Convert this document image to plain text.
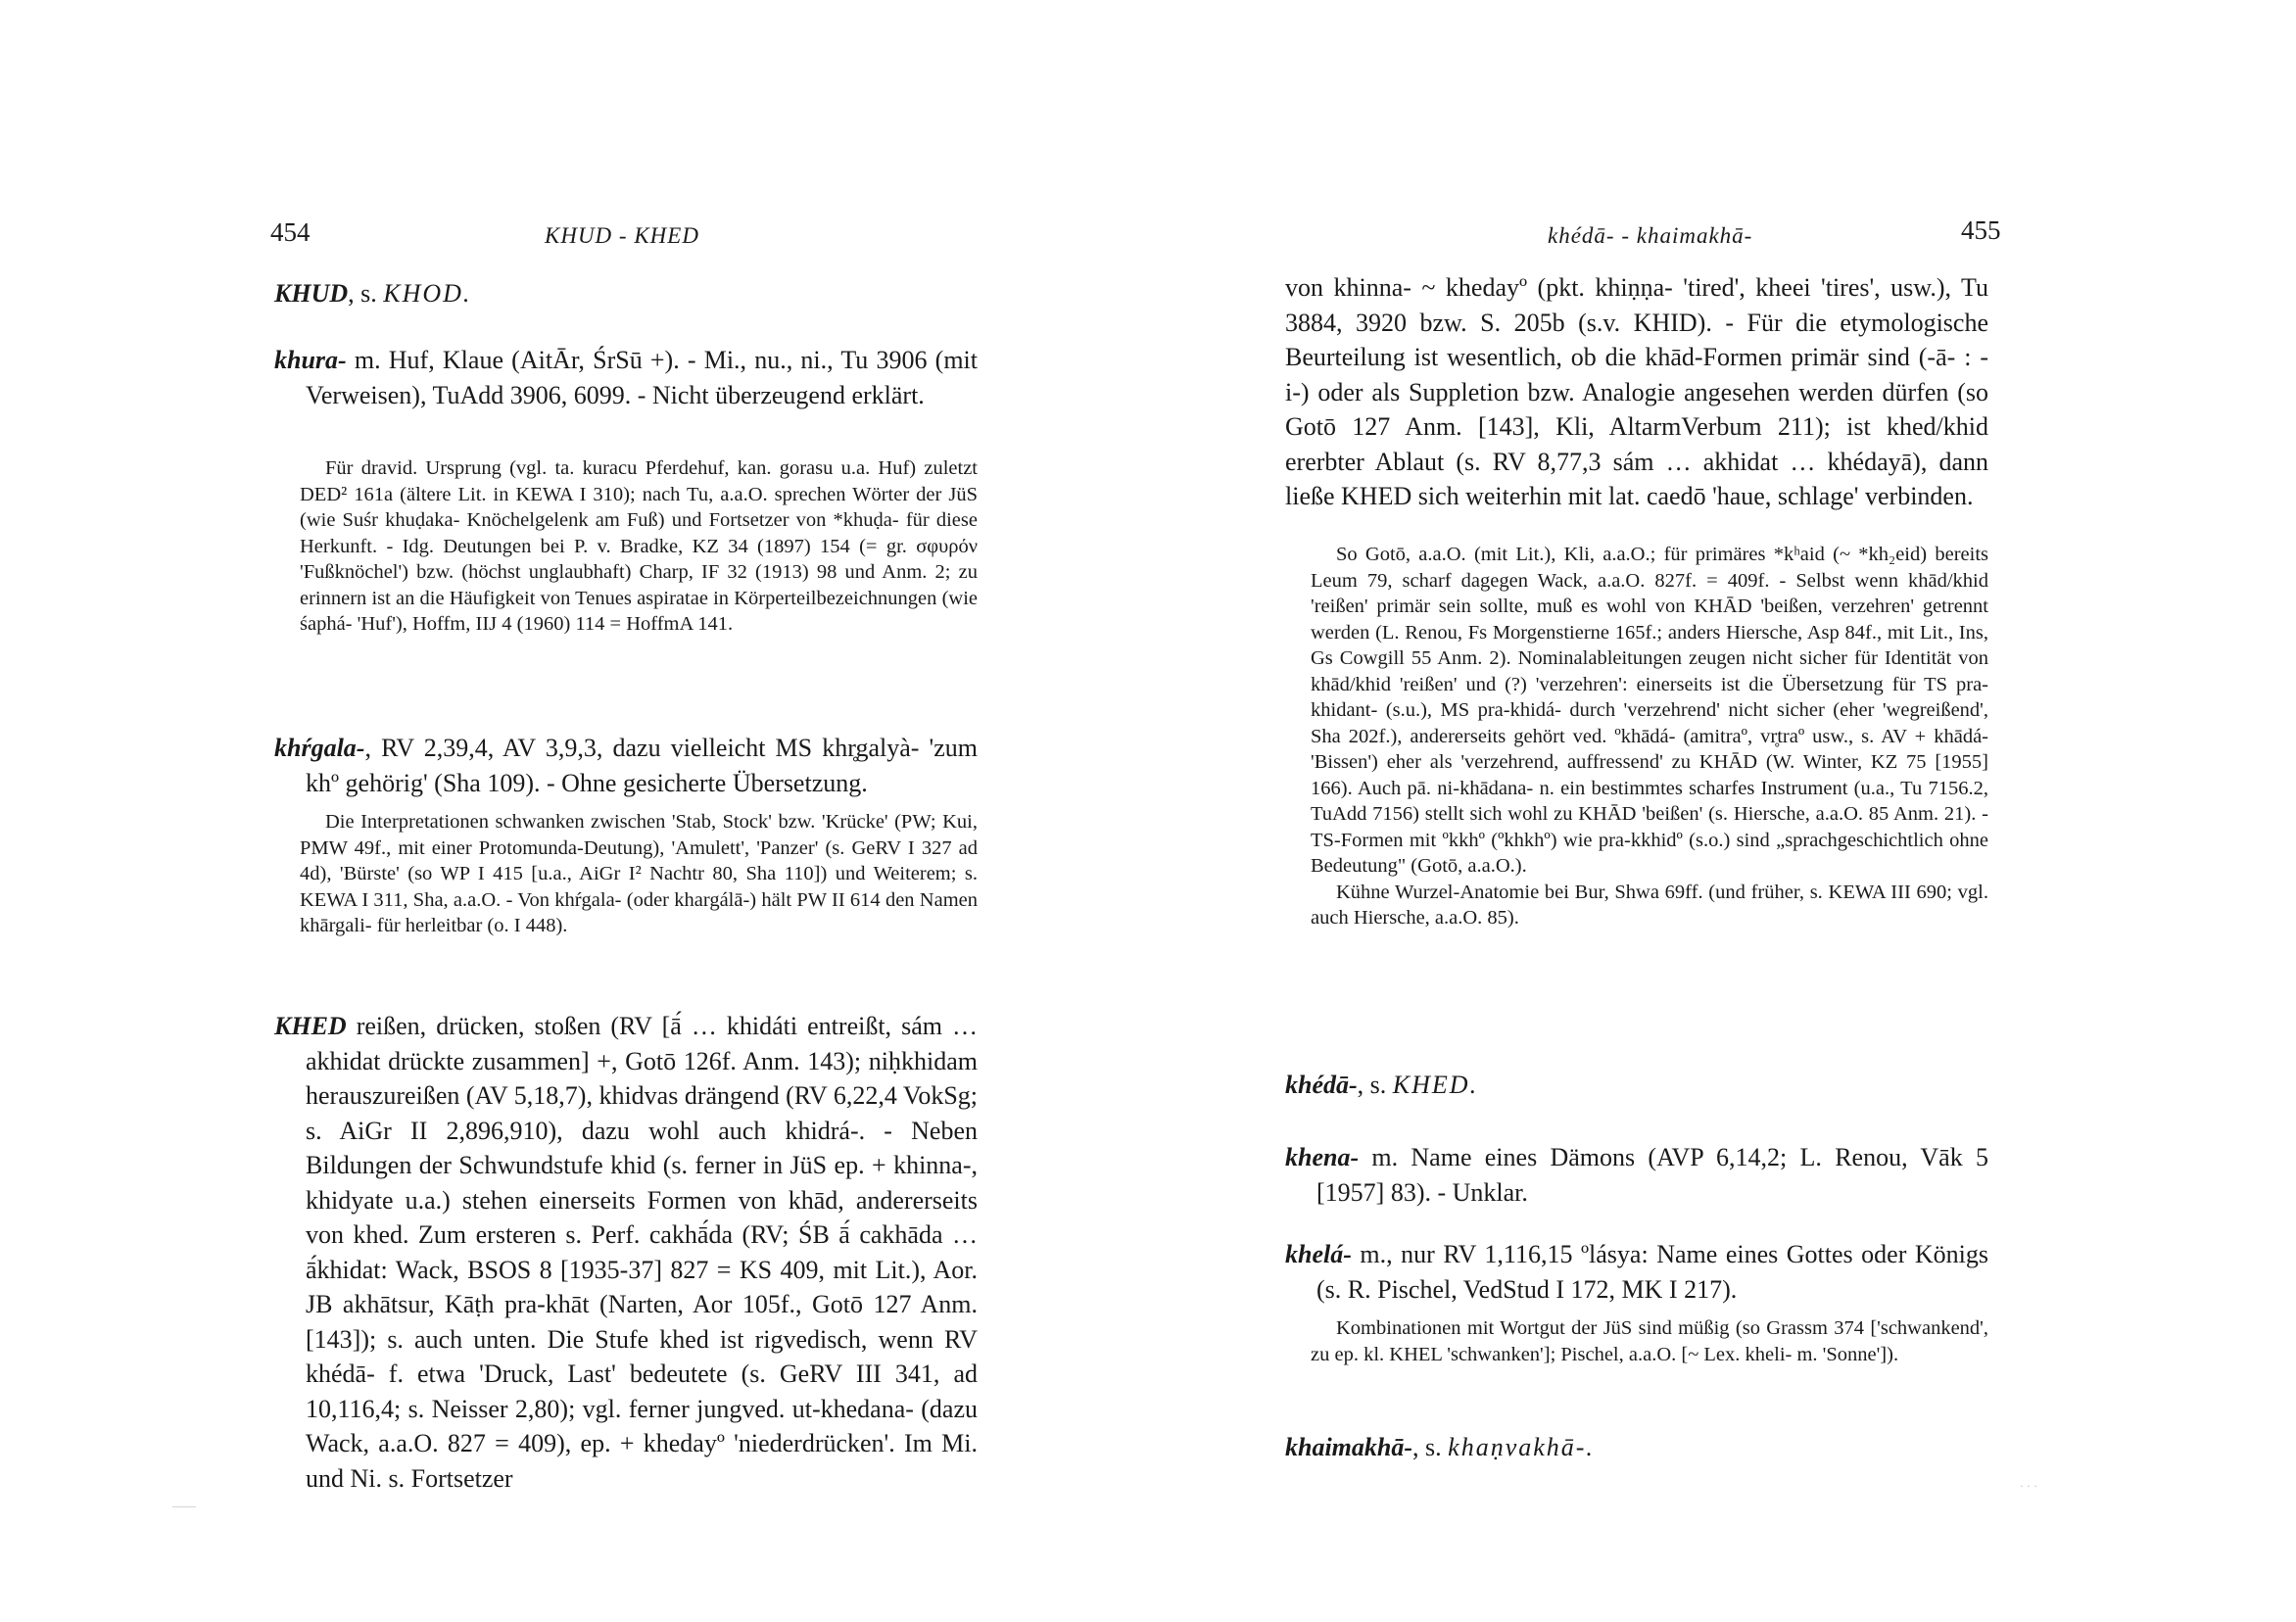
454	KHUD - KHED

KHUD, s. KHOD.

khura- m. Huf, Klaue (AitĀr, ŚrSū +). - Mi., nu., ni., Tu 3906 (mit Verweisen), TuAdd 3906, 6099. - Nicht überzeugend erklärt.

Für dravid. Ursprung (vgl. ta. kuracu Pferdehuf, kan. gorasu u.a. Huf) zuletzt DED² 161a (ältere Lit. in KEWA I 310); nach Tu, a.a.O. sprechen Wörter der JüS (wie Suśr khuḍaka- Knöchelgelenk am Fuß) und Fortsetzer von *khuḍa- für diese Herkunft. - Idg. Deutungen bei P. v. Bradke, KZ 34 (1897) 154 (= gr. σφυρόν 'Fußknöchel') bzw. (höchst unglaubhaft) Charp, IF 32 (1913) 98 und Anm. 2; zu erinnern ist an die Häufigkeit von Tenues aspiratae in Körperteilbezeichnungen (wie śaphá- 'Huf'), Hoffm, IIJ 4 (1960) 114 = HoffmA 141.

khŕgala-, RV 2,39,4, AV 3,9,3, dazu vielleicht MS khr̥galyà- 'zum khº gehörig' (Sha 109). - Ohne gesicherte Übersetzung.

Die Interpretationen schwanken zwischen 'Stab, Stock' bzw. 'Krücke' (PW; Kui, PMW 49f., mit einer Protomunda-Deutung), 'Amulett', 'Panzer' (s. GeRV I 327 ad 4d), 'Bürste' (so WP I 415 [u.a., AiGr I² Nachtr 80, Sha 110]) und Weiterem; s. KEWA I 311, Sha, a.a.O. - Von khŕgala- (oder khargálā-) hält PW II 614 den Namen khārgali- für herleitbar (o. I 448).

KHED reißen, drücken, stoßen (RV [ā́ … khidáti entreißt, sám … akhidat drückte zusammen] +, Gotō 126f. Anm. 143); niḥkhidam herauszureißen (AV 5,18,7), khidvas drängend (RV 6,22,4 VokSg; s. AiGr II 2,896,910), dazu wohl auch khidrá-. - Neben Bildungen der Schwundstufe khid (s. ferner in JüS ep. + khinna-, khidyate u.a.) stehen einerseits Formen von khād, andererseits von khed. Zum ersteren s. Perf. cakhā́da (RV; ŚB ā́ cakhāda … ā́khidat: Wack, BSOS 8 [1935-37] 827 = KS 409, mit Lit.), Aor. JB akhātsur, Kāṭh pra-khāt (Narten, Aor 105f., Gotō 127 Anm. [143]); s. auch unten. Die Stufe khed ist rigvedisch, wenn RV khédā- f. etwa 'Druck, Last' bedeutete (s. GeRV III 341, ad 10,116,4; s. Neisser 2,80); vgl. ferner jungved. ut-khedana- (dazu Wack, a.a.O. 827 = 409), ep. + khedayº 'niederdrücken'. Im Mi. und Ni. s. Fortsetzer

——
khédā- - khaimakhā-	455

von khinna- ~ khedayº (pkt. khiṇṇa- 'tired', kheei 'tires', usw.), Tu 3884, 3920 bzw. S. 205b (s.v. KHID). - Für die etymologische Beurteilung ist wesentlich, ob die khād-Formen primär sind (-ā- : -i-) oder als Suppletion bzw. Analogie angesehen werden dürfen (so Gotō 127 Anm. [143], Kli, AltarmVerbum 211); ist khed/khid ererbter Ablaut (s. RV 8,77,3 sám … akhidat … khédayā), dann ließe KHED sich weiterhin mit lat. caedō 'haue, schlage' verbinden.

So Gotō, a.a.O. (mit Lit.), Kli, a.a.O.; für primäres *kʰaid (~ *kh₂eid) bereits Leum 79, scharf dagegen Wack, a.a.O. 827f. = 409f. - Selbst wenn khād/khid 'reißen' primär sein sollte, muß es wohl von KHĀD 'beißen, verzehren' getrennt werden (L. Renou, Fs Morgenstierne 165f.; anders Hiersche, Asp 84f., mit Lit., Ins, Gs Cowgill 55 Anm. 2). Nominalableitungen zeugen nicht sicher für Identität von khād/khid 'reißen' und (?) 'verzehren': einerseits ist die Übersetzung für TS pra-khidant- (s.u.), MS pra-khidá- durch 'verzehrend' nicht sicher (eher 'wegreißend', Sha 202f.), andererseits gehört ved. ºkhādá- (amitraº, vr̥traº usw., s. AV + khādá- 'Bissen') eher als 'verzehrend, auffressend' zu KHĀD (W. Winter, KZ 75 [1955] 166). Auch pā. ni-khādana- n. ein bestimmtes scharfes Instrument (u.a., Tu 7156.2, TuAdd 7156) stellt sich wohl zu KHĀD 'beißen' (s. Hiersche, a.a.O. 85 Anm. 21). - TS-Formen mit ºkkhº (ºkhkhº) wie pra-kkhidº (s.o.) sind „sprachgeschichtlich ohne Bedeutung" (Gotō, a.a.O.).

Kühne Wurzel-Anatomie bei Bur, Shwa 69ff. (und früher, s. KEWA III 690; vgl. auch Hiersche, a.a.O. 85).

khédā-, s. KHED.

khena- m. Name eines Dämons (AVP 6,14,2; L. Renou, Vāk 5 [1957] 83). - Unklar.

khelá- m., nur RV 1,116,15 ºlásya: Name eines Gottes oder Königs (s. R. Pischel, VedStud I 172, MK I 217).

Kombinationen mit Wortgut der JüS sind müßig (so Grassm 374 ['schwankend', zu ep. kl. KHEL 'schwanken']; Pischel, a.a.O. [~ Lex. kheli- m. 'Sonne']).

khaimakhā-, s. khaṇvakhā-.

· · ·
